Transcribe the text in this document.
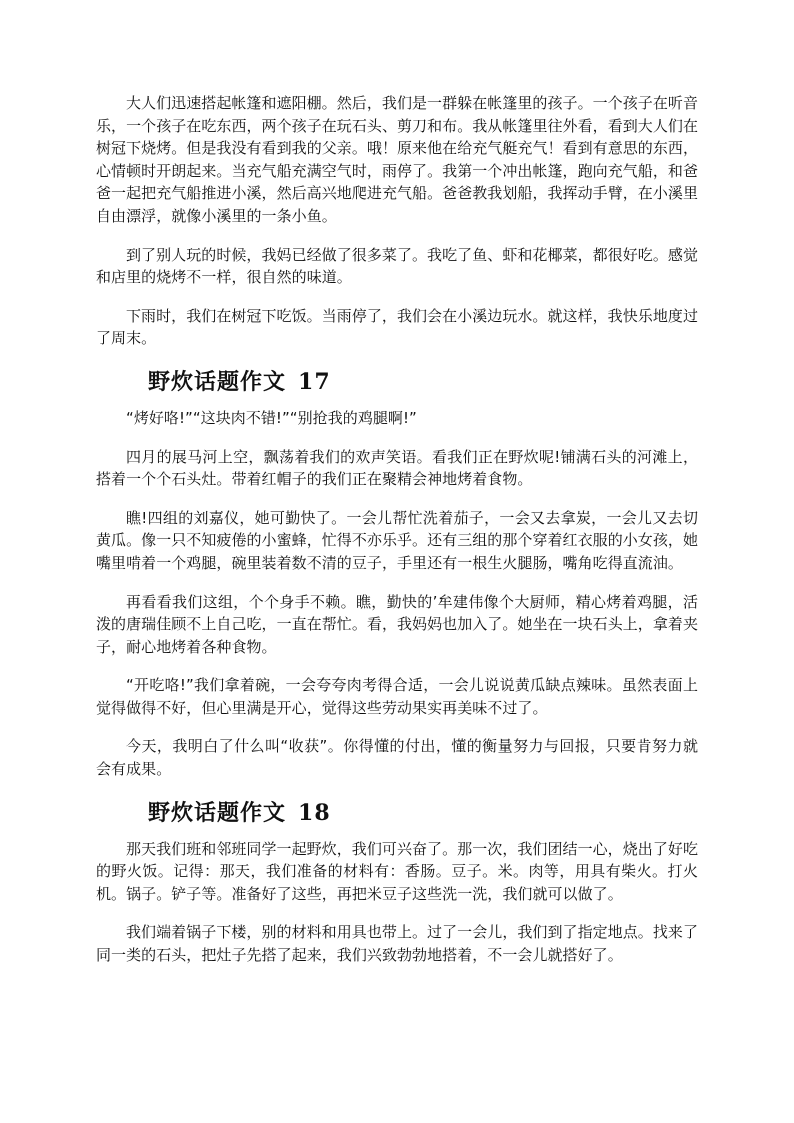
大人们迅速搭起帐篷和遮阳棚。然后，我们是一群躲在帐篷里的孩子。一个孩子在听音乐，一个孩子在吃东西，两个孩子在玩石头、剪刀和布。我从帐篷里往外看，看到大人们在树冠下烧烤。但是我没有看到我的父亲。哦！原来他在给充气艇充气！看到有意思的东西，心情顿时开朗起来。当充气船充满空气时，雨停了。我第一个冲出帐篷，跑向充气船，和爸爸一起把充气船推进小溪，然后高兴地爬进充气船。爸爸教我划船，我挥动手臂，在小溪里自由漂浮，就像小溪里的一条小鱼。

到了别人玩的时候，我妈已经做了很多菜了。我吃了鱼、虾和花椰菜，都很好吃。感觉和店里的烧烤不一样，很自然的味道。

下雨时，我们在树冠下吃饭。当雨停了，我们会在小溪边玩水。就这样，我快乐地度过了周末。

野炊话题作文 17

“烤好咯!”“这块肉不错!”“别抢我的鸡腿啊!”

四月的展马河上空，飘荡着我们的欢声笑语。看我们正在野炊呢!铺满石头的河滩上，搭着一个个石头灶。带着红帽子的我们正在聚精会神地烤着食物。

瞧!四组的刘嘉仪，她可勤快了。一会儿帮忙洗着茄子，一会又去拿炭，一会儿又去切黄瓜。像一只不知疲倦的小蜜蜂，忙得不亦乐乎。还有三组的那个穿着红衣服的小女孩，她嘴里啃着一个鸡腿，碗里装着数不清的豆子，手里还有一根生火腿肠，嘴角吃得直流油。

再看看我们这组，个个身手不赖。瞧，勤快的’牟建伟像个大厨师，精心烤着鸡腿，活泼的唐瑞佳顾不上自己吃，一直在帮忙。看，我妈妈也加入了。她坐在一块石头上，拿着夹子，耐心地烤着各种食物。

“开吃咯!”我们拿着碗，一会夸夸肉考得合适，一会儿说说黄瓜缺点辣味。虽然表面上觉得做得不好，但心里满是开心，觉得这些劳动果实再美味不过了。

今天，我明白了什么叫“收获”。你得懂的付出，懂的衡量努力与回报，只要肯努力就会有成果。

野炊话题作文 18

那天我们班和邻班同学一起野炊，我们可兴奋了。那一次，我们团结一心，烧出了好吃的野火饭。记得：那天，我们准备的材料有：香肠。豆子。米。肉等，用具有柴火。打火机。锅子。铲子等。准备好了这些，再把米豆子这些洗一洗，我们就可以做了。

我们端着锅子下楼，别的材料和用具也带上。过了一会儿，我们到了指定地点。找来了同一类的石头，把灶子先搭了起来，我们兴致勃勃地搭着，不一会儿就搭好了。
